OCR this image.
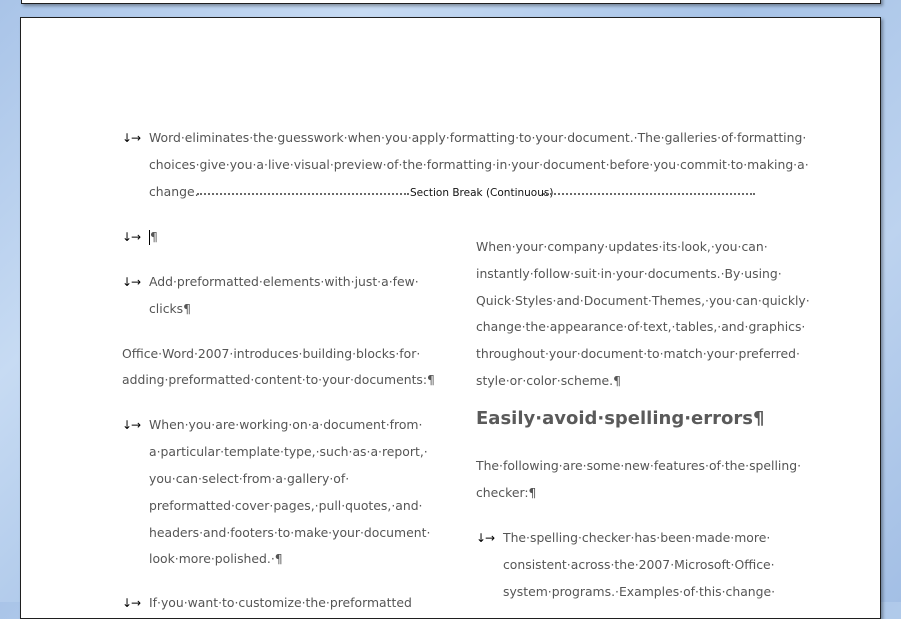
↓→ Word·eliminates·the·guesswork·when·you·apply·formatting·to·your·document.·The·galleries·of·formatting·
choices·give·you·a·live·visual·preview·of·the·formatting·in·your·document·before·you·commit·to·making·a·
change.	Section Break (Continuous)
↓→ ¶
↓→ Add·preformatted·elements·with·just·a·few·
clicks¶
Office·Word·2007·introduces·building·blocks·for·
adding·preformatted·content·to·your·documents:¶
↓→ When·you·are·working·on·a·document·from·
a·particular·template·type,·such·as·a·report,·
you·can·select·from·a·gallery·of·
preformatted·cover·pages,·pull·quotes,·and·
headers·and·footers·to·make·your·document·
look·more·polished.·¶
↓→ If·you·want·to·customize·the·preformatted
When·your·company·updates·its·look,·you·can·
instantly·follow·suit·in·your·documents.·By·using·
Quick·Styles·and·Document·Themes,·you·can·quickly·
change·the·appearance·of·text,·tables,·and·graphics·
throughout·your·document·to·match·your·preferred·
style·or·color·scheme.¶
Easily·avoid·spelling·errors¶
The·following·are·some·new·features·of·the·spelling·
checker:¶
↓→ The·spelling·checker·has·been·made·more·
consistent·across·the·2007·Microsoft·Office·
system·programs.·Examples·of·this·change·
